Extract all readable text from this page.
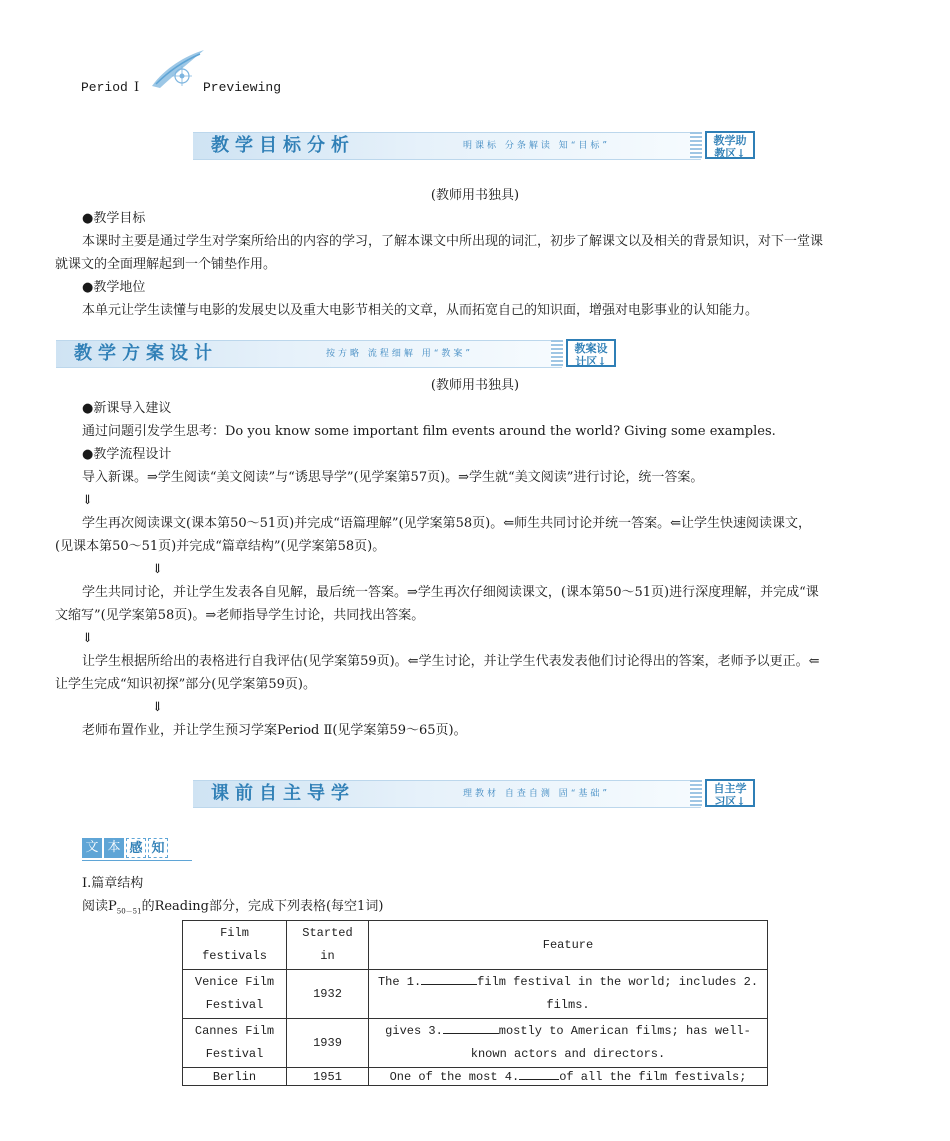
Period Ⅰ	Previewing
教学目标分析	明课标 分条解读 知“目标”	教学助
教区↓
(教师用书独具)
●教学目标
本课时主要是通过学生对学案所给出的内容的学习，了解本课文中所出现的词汇，初步了解课文以及相关的背景知识，对下一堂课
就课文的全面理解起到一个铺垫作用。
●教学地位
本单元让学生读懂与电影的发展史以及重大电影节相关的文章，从而拓宽自己的知识面，增强对电影事业的认知能力。
教学方案设计	按方略 流程细解 用“教案”	教案设
计区↓
(教师用书独具)
●新课导入建议
通过问题引发学生思考：Do you know some important film events around the world? Giving some examples.
●教学流程设计
导入新课。⇒学生阅读“美文阅读”与“诱思导学”(见学案第57页)。⇒学生就“美文阅读”进行讨论，统一答案。
⇓
学生再次阅读课文(课本第50～51页)并完成“语篇理解”(见学案第58页)。⇐师生共同讨论并统一答案。⇐让学生快速阅读课文，
(见课本第50～51页)并完成“篇章结构”(见学案第58页)。
⇓
学生共同讨论，并让学生发表各自见解，最后统一答案。⇒学生再次仔细阅读课文，(课本第50～51页)进行深度理解，并完成“课
文缩写”(见学案第58页)。⇒老师指导学生讨论，共同找出答案。
⇓
让学生根据所给出的表格进行自我评估(见学案第59页)。⇐学生讨论，并让学生代表发表他们讨论得出的答案，老师予以更正。⇐
让学生完成“知识初探”部分(见学案第59页)。
⇓
老师布置作业，并让学生预习学案Period Ⅱ(见学案第59～65页)。
课前自主导学	理教材 自查自测 固“基础”	自主学
习区↓
文 本 感 知
Ⅰ.篇章结构
阅读$P_{50-51}$的Reading部分，完成下列表格(每空1词)
Film festivals	Started in	Feature
Venice Film Festival	1932	The 1. film festival in the world; includes 2.
films.
Cannes Film Festival	1939	gives 3. mostly to American films; has well-
known actors and directors.
Berlin	1951	One of the most 4. of all the film festivals;
